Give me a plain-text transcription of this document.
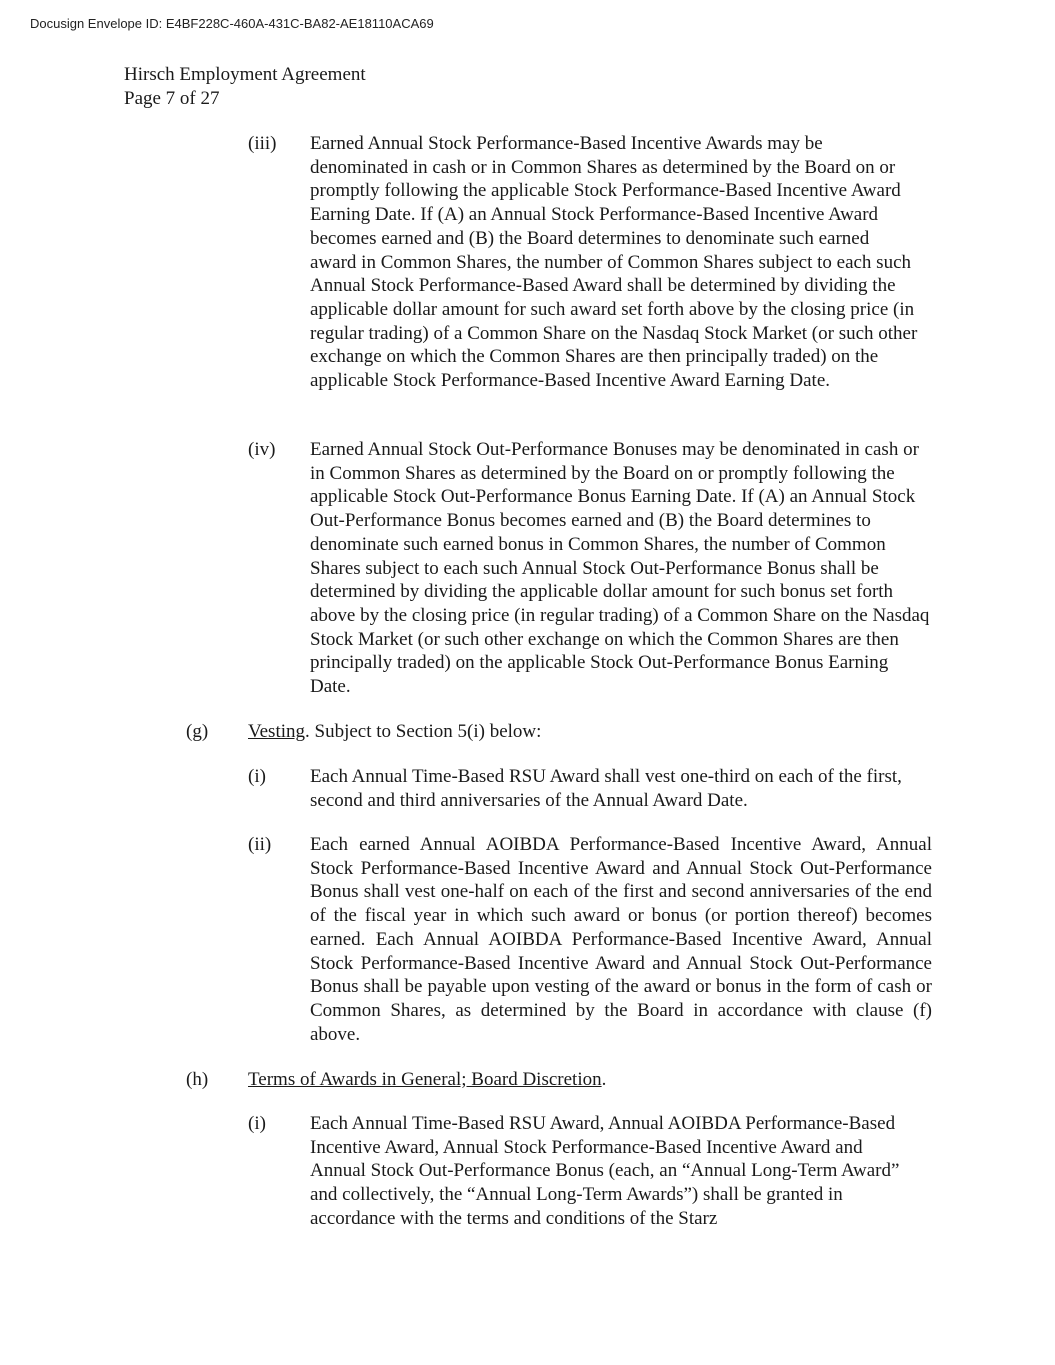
Docusign Envelope ID: E4BF228C-460A-431C-BA82-AE18110ACA69
Hirsch Employment Agreement
Page 7 of 27
(iii) Earned Annual Stock Performance-Based Incentive Awards may be denominated in cash or in Common Shares as determined by the Board on or promptly following the applicable Stock Performance-Based Incentive Award Earning Date. If (A) an Annual Stock Performance-Based Incentive Award becomes earned and (B) the Board determines to denominate such earned award in Common Shares, the number of Common Shares subject to each such Annual Stock Performance-Based Award shall be determined by dividing the applicable dollar amount for such award set forth above by the closing price (in regular trading) of a Common Share on the Nasdaq Stock Market (or such other exchange on which the Common Shares are then principally traded) on the applicable Stock Performance-Based Incentive Award Earning Date.
(iv) Earned Annual Stock Out-Performance Bonuses may be denominated in cash or in Common Shares as determined by the Board on or promptly following the applicable Stock Out-Performance Bonus Earning Date. If (A) an Annual Stock Out-Performance Bonus becomes earned and (B) the Board determines to denominate such earned bonus in Common Shares, the number of Common Shares subject to each such Annual Stock Out-Performance Bonus shall be determined by dividing the applicable dollar amount for such bonus set forth above by the closing price (in regular trading) of a Common Share on the Nasdaq Stock Market (or such other exchange on which the Common Shares are then principally traded) on the applicable Stock Out-Performance Bonus Earning Date.
(g) Vesting. Subject to Section 5(i) below:
(i) Each Annual Time-Based RSU Award shall vest one-third on each of the first, second and third anniversaries of the Annual Award Date.
(ii) Each earned Annual AOIBDA Performance-Based Incentive Award, Annual Stock Performance-Based Incentive Award and Annual Stock Out-Performance Bonus shall vest one-half on each of the first and second anniversaries of the end of the fiscal year in which such award or bonus (or portion thereof) becomes earned. Each Annual AOIBDA Performance-Based Incentive Award, Annual Stock Performance-Based Incentive Award and Annual Stock Out-Performance Bonus shall be payable upon vesting of the award or bonus in the form of cash or Common Shares, as determined by the Board in accordance with clause (f) above.
(h) Terms of Awards in General; Board Discretion.
(i) Each Annual Time-Based RSU Award, Annual AOIBDA Performance-Based Incentive Award, Annual Stock Performance-Based Incentive Award and Annual Stock Out-Performance Bonus (each, an “Annual Long-Term Award” and collectively, the “Annual Long-Term Awards”) shall be granted in accordance with the terms and conditions of the Starz
